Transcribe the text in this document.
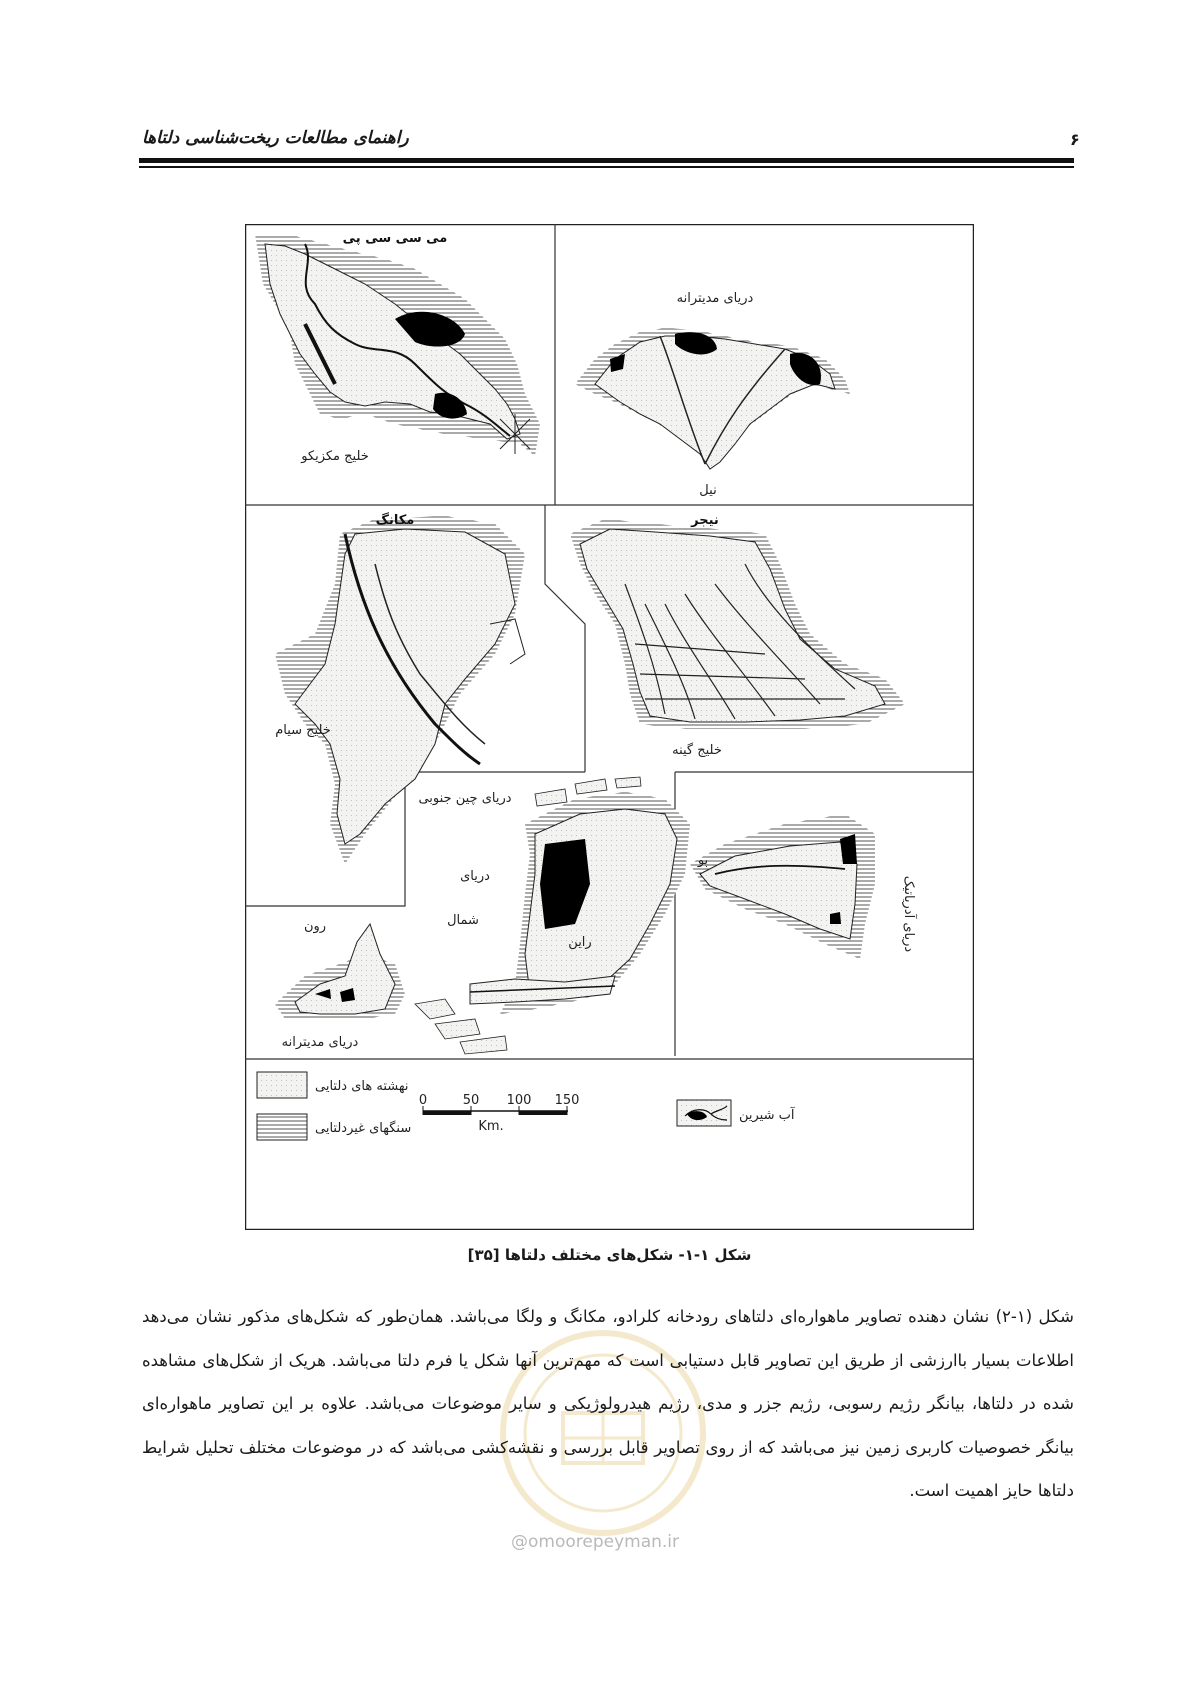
۶
راهنمای مطالعات ریخت‌شناسی دلتاها
می سی سی پی
خلیج مکزیکو
دریای مدیترانه
نیل
مکانگ
خلیج سیام
دریای چین جنوبی
نیجر
خلیج گینه
دریای
شمال
راین
پو
دریای آدریاتیک
رون
دریای مدیترانه
نهشته های دلتایی
سنگهای غیردلتایی
0	50 100 150
Km.
آب شیرین
شکل ۱-۱- شکل‌های مختلف دلتاها [۳۵]

شکل (۱-۲) نشان دهنده تصاویر ماهواره‌ای دلتاهای رودخانه کلرادو، مکانگ و ولگا می‌باشد. همان‌طور که شکل‌های مذکور نشان می‌دهد اطلاعات بسیار باارزشی از طریق این تصاویر قابل دستیابی است که مهم‌ترین آنها شکل یا فرم دلتا می‌باشد. هریک از شکل‌های مشاهده شده در دلتاها، بیانگر رژیم رسوبی، رژیم جزر و مدی، رژیم هیدرولوژیکی و سایر موضوعات می‌باشد. علاوه بر این تصاویر ماهواره‌ای بیانگر خصوصیات کاربری زمین نیز می‌باشد که از روی تصاویر قابل بررسی و نقشه‌کشی می‌باشد که در موضوعات مختلف تحلیل شرایط دلتاها حایز اهمیت است.

@omoorepeyman.ir
